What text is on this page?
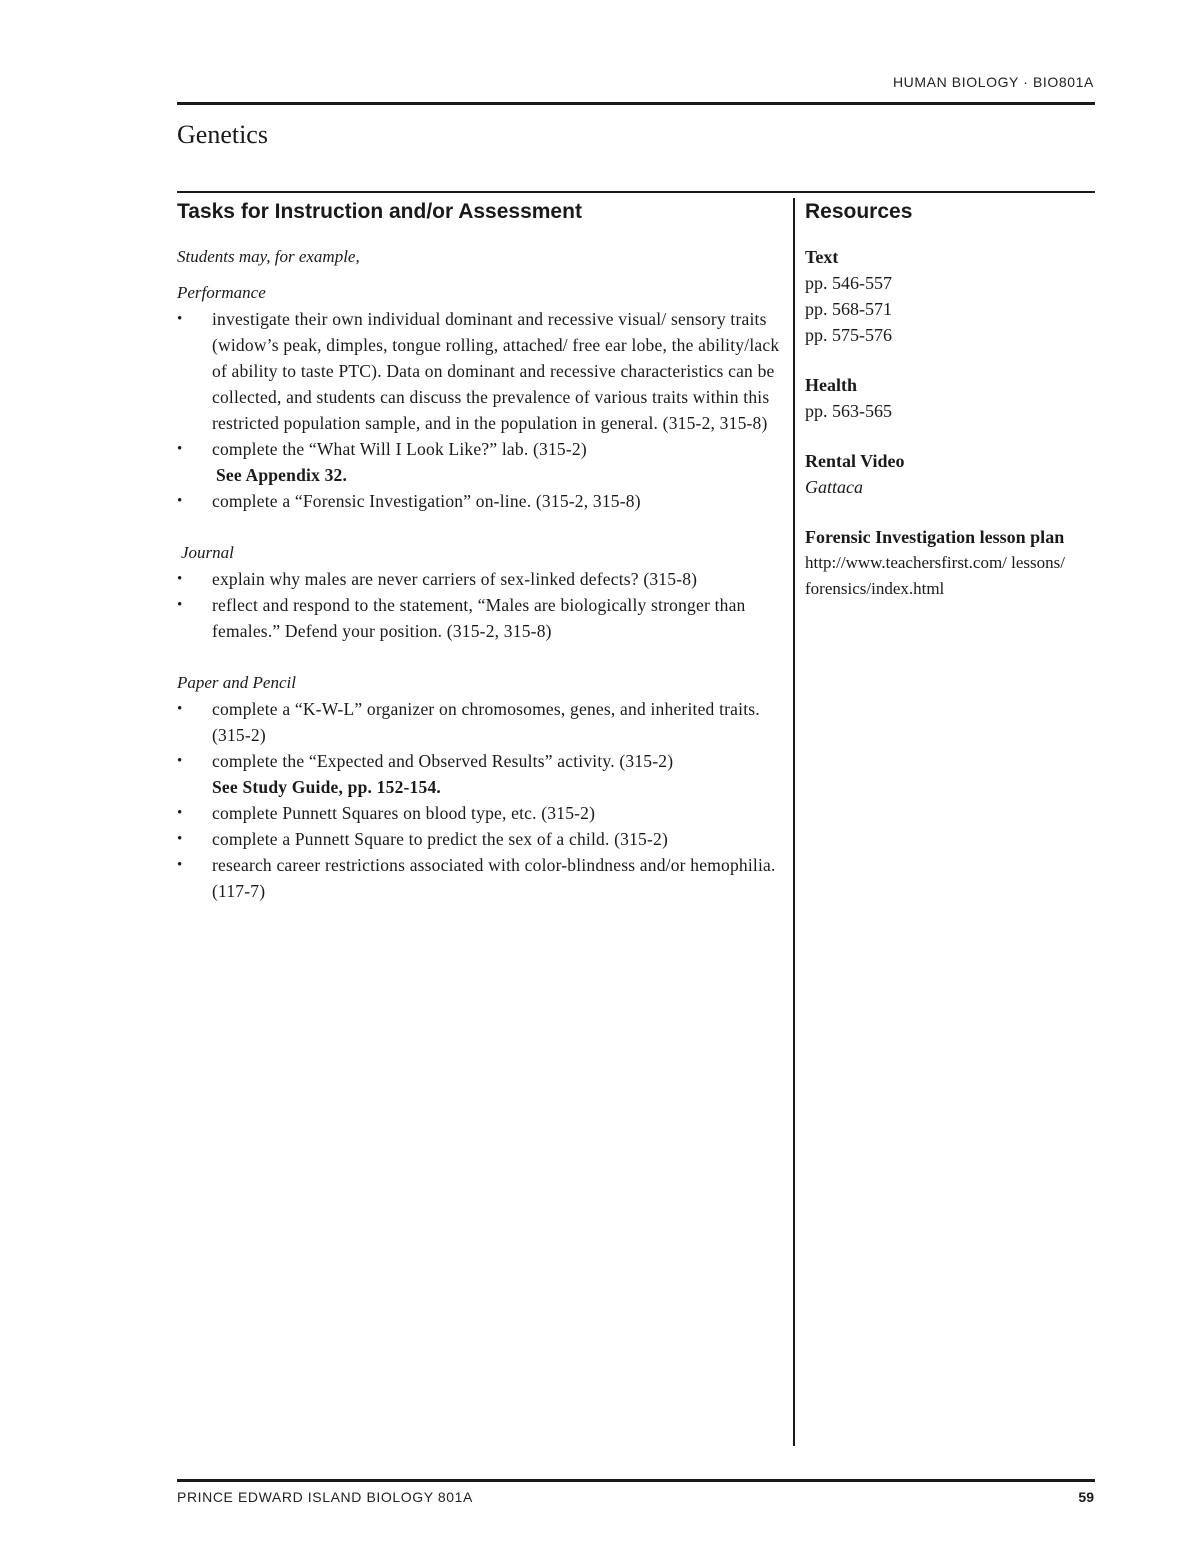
HUMAN BIOLOGY · BIO801A
Genetics
Tasks for Instruction and/or Assessment
Students may, for example,
Performance
• investigate their own individual dominant and recessive visual/ sensory traits (widow’s peak, dimples, tongue rolling, attached/ free ear lobe, the ability/lack of ability to taste PTC). Data on dominant and recessive characteristics can be collected, and students can discuss the prevalence of various traits within this restricted population sample, and in the population in general. (315-2, 315-8)
• complete the “What Will I Look Like?” lab. (315-2)
See Appendix 32.
• complete a “Forensic Investigation” on-line. (315-2, 315-8)
Journal
• explain why males are never carriers of sex-linked defects? (315-8)
• reflect and respond to the statement, “Males are biologically stronger than females.” Defend your position. (315-2, 315-8)
Paper and Pencil
• complete a “K-W-L” organizer on chromosomes, genes, and inherited traits. (315-2)
• complete the “Expected and Observed Results” activity. (315-2)
See Study Guide, pp. 152-154.
• complete Punnett Squares on blood type, etc. (315-2)
• complete a Punnett Square to predict the sex of a child. (315-2)
• research career restrictions associated with color-blindness and/or hemophilia. (117-7)
Resources
Text
pp. 546-557
pp. 568-571
pp. 575-576
Health
pp. 563-565
Rental Video
Gattaca
Forensic Investigation lesson plan
http://www.teachersfirst.com/ lessons/forensics/index.html
PRINCE EDWARD ISLAND BIOLOGY 801A	59
